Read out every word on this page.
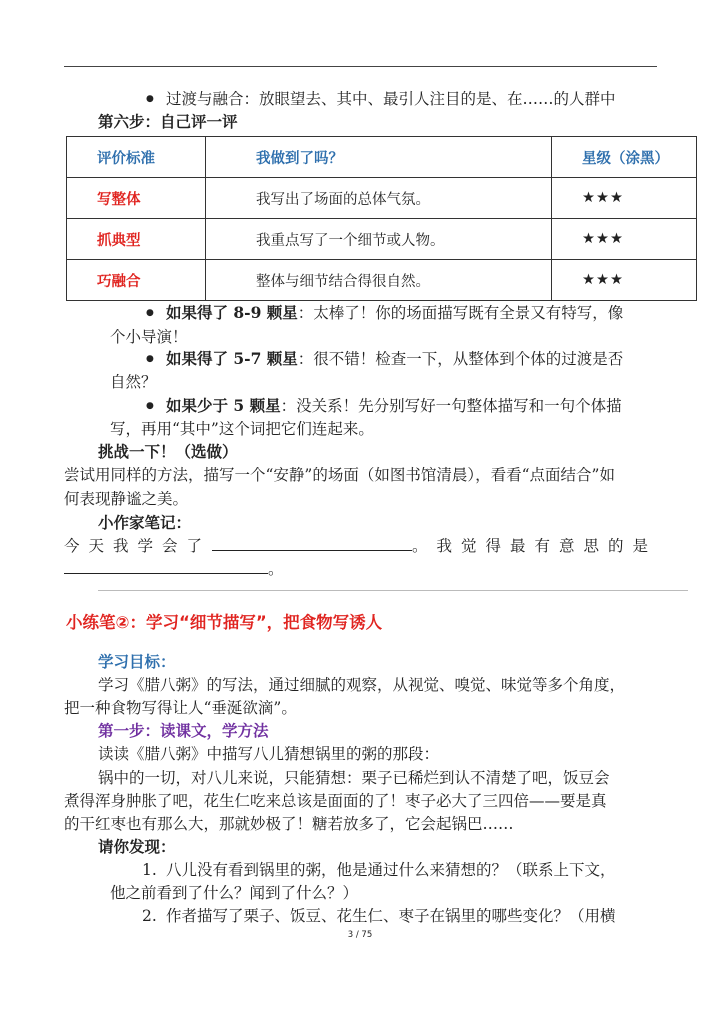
● 过渡与融合：放眼望去、其中、最引人注目的是、在……的人群中
第六步：自己评一评
评价标准	我做到了吗？	星级（涂黑）
写整体	我写出了场面的总体气氛。	★★★
抓典型	我重点写了一个细节或人物。	★★★
巧融合	整体与细节结合得很自然。	★★★
● 如果得了 8-9 颗星：太棒了！你的场面描写既有全景又有特写，像
个小导演！
● 如果得了 5-7 颗星：很不错！检查一下，从整体到个体的过渡是否
自然？
● 如果少于 5 颗星：没关系！先分别写好一句整体描写和一句个体描
写，再用“其中”这个词把它们连起来。
挑战一下！（选做）
尝试用同样的方法，描写一个“安静”的场面（如图书馆清晨），看看“点面结合”如
何表现静谧之美。
小作家笔记：
今天我学会了	。我觉得最有意思的是
。
小练笔②：学习“细节描写”，把食物写诱人
学习目标：
学习《腊八粥》的写法，通过细腻的观察，从视觉、嗅觉、味觉等多个角度，
把一种食物写得让人“垂涎欲滴”。
第一步：读课文，学方法
读读《腊八粥》中描写八儿猜想锅里的粥的那段：
锅中的一切，对八儿来说，只能猜想：栗子已稀烂到认不清楚了吧，饭豆会
煮得浑身肿胀了吧，花生仁吃来总该是面面的了！枣子必大了三四倍——要是真
的干红枣也有那么大，那就妙极了！糖若放多了，它会起锅巴……
请你发现：
1. 八儿没有看到锅里的粥，他是通过什么来猜想的？（联系上下文，
他之前看到了什么？闻到了什么？）
2. 作者描写了栗子、饭豆、花生仁、枣子在锅里的哪些变化？（用横
3 / 75
